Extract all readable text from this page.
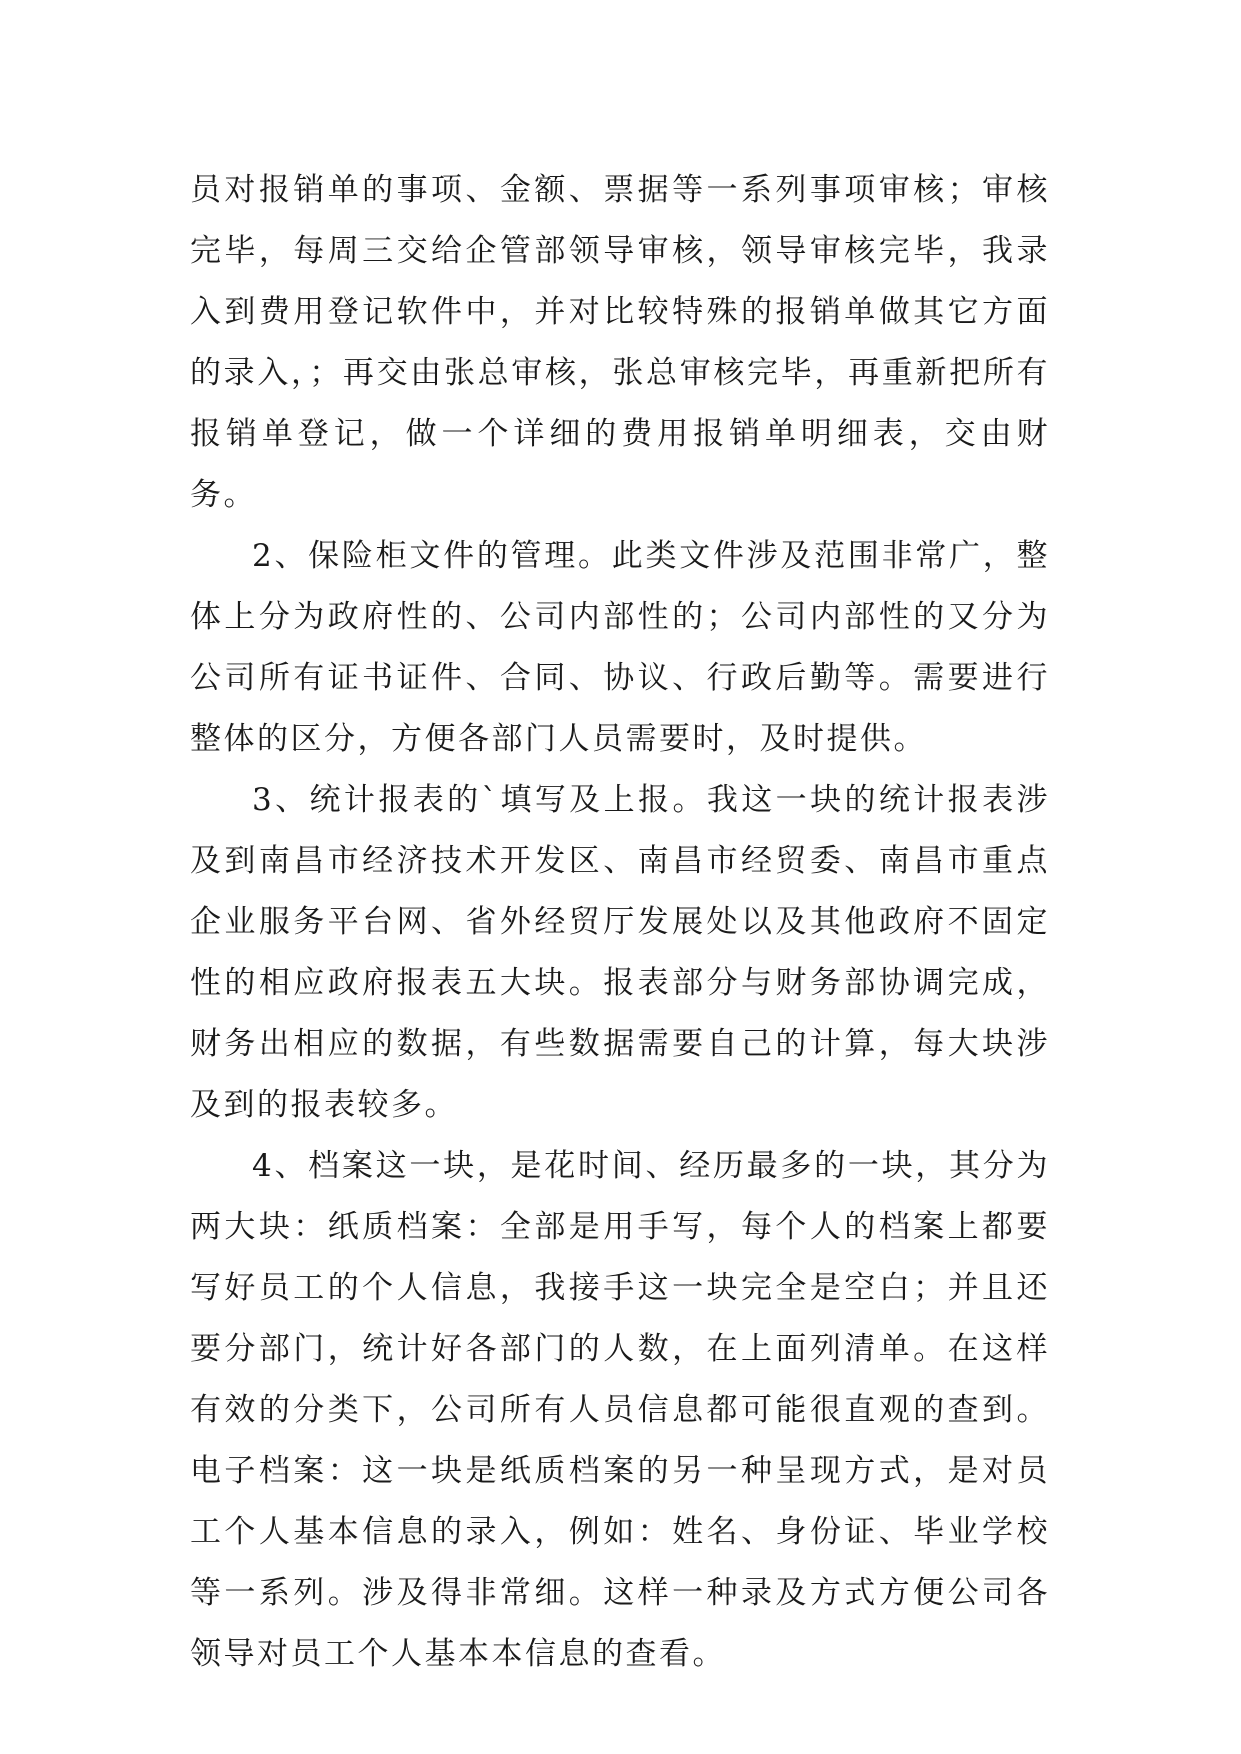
员对报销单的事项、金额、票据等一系列事项审核；审核完毕，每周三交给企管部领导审核，领导审核完毕，我录入到费用登记软件中，并对比较特殊的报销单做其它方面的录入，；再交由张总审核，张总审核完毕，再重新把所有报销单登记，做一个详细的费用报销单明细表，交由财务。

2、保险柜文件的管理。此类文件涉及范围非常广，整体上分为政府性的、公司内部性的；公司内部性的又分为公司所有证书证件、合同、协议、行政后勤等。需要进行整体的区分，方便各部门人员需要时，及时提供。

3、统计报表的`填写及上报。我这一块的统计报表涉及到南昌市经济技术开发区、南昌市经贸委、南昌市重点企业服务平台网、省外经贸厅发展处以及其他政府不固定性的相应政府报表五大块。报表部分与财务部协调完成，财务出相应的数据，有些数据需要自己的计算，每大块涉及到的报表较多。

4、档案这一块，是花时间、经历最多的一块，其分为两大块：纸质档案：全部是用手写，每个人的档案上都要写好员工的个人信息，我接手这一块完全是空白；并且还要分部门，统计好各部门的人数，在上面列清单。在这样有效的分类下，公司所有人员信息都可能很直观的查到。电子档案：这一块是纸质档案的另一种呈现方式，是对员工个人基本信息的录入，例如：姓名、身份证、毕业学校等一系列。涉及得非常细。这样一种录及方式方便公司各领导对员工个人基本本信息的查看。
